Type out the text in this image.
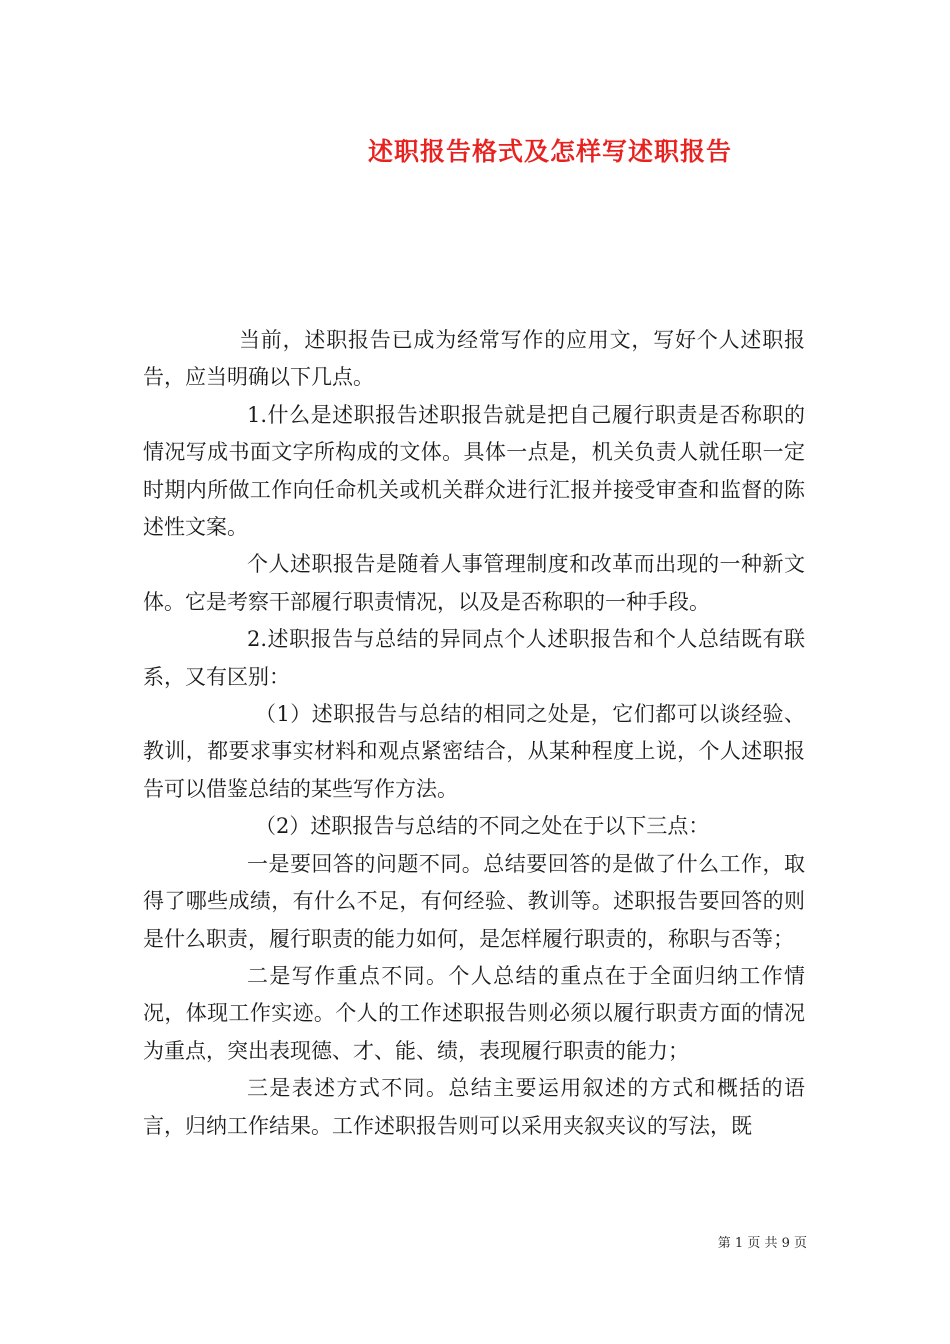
述职报告格式及怎样写述职报告

当前，述职报告已成为经常写作的应用文，写好个人述职报告，应当明确以下几点。

1.什么是述职报告述职报告就是把自己履行职责是否称职的情况写成书面文字所构成的文体。具体一点是，机关负责人就任职一定时期内所做工作向任命机关或机关群众进行汇报并接受审查和监督的陈述性文案。

个人述职报告是随着人事管理制度和改革而出现的一种新文体。它是考察干部履行职责情况，以及是否称职的一种手段。

2.述职报告与总结的异同点个人述职报告和个人总结既有联系，又有区别：

（1）述职报告与总结的相同之处是，它们都可以谈经验、教训，都要求事实材料和观点紧密结合，从某种程度上说，个人述职报告可以借鉴总结的某些写作方法。

（2）述职报告与总结的不同之处在于以下三点：

一是要回答的问题不同。总结要回答的是做了什么工作，取得了哪些成绩，有什么不足，有何经验、教训等。述职报告要回答的则是什么职责，履行职责的能力如何，是怎样履行职责的，称职与否等；

二是写作重点不同。个人总结的重点在于全面归纳工作情况，体现工作实迹。个人的工作述职报告则必须以履行职责方面的情况为重点，突出表现德、才、能、绩，表现履行职责的能力；

三是表述方式不同。总结主要运用叙述的方式和概括的语言，归纳工作结果。工作述职报告则可以采用夹叙夹议的写法，既

第 1 页 共 9 页
